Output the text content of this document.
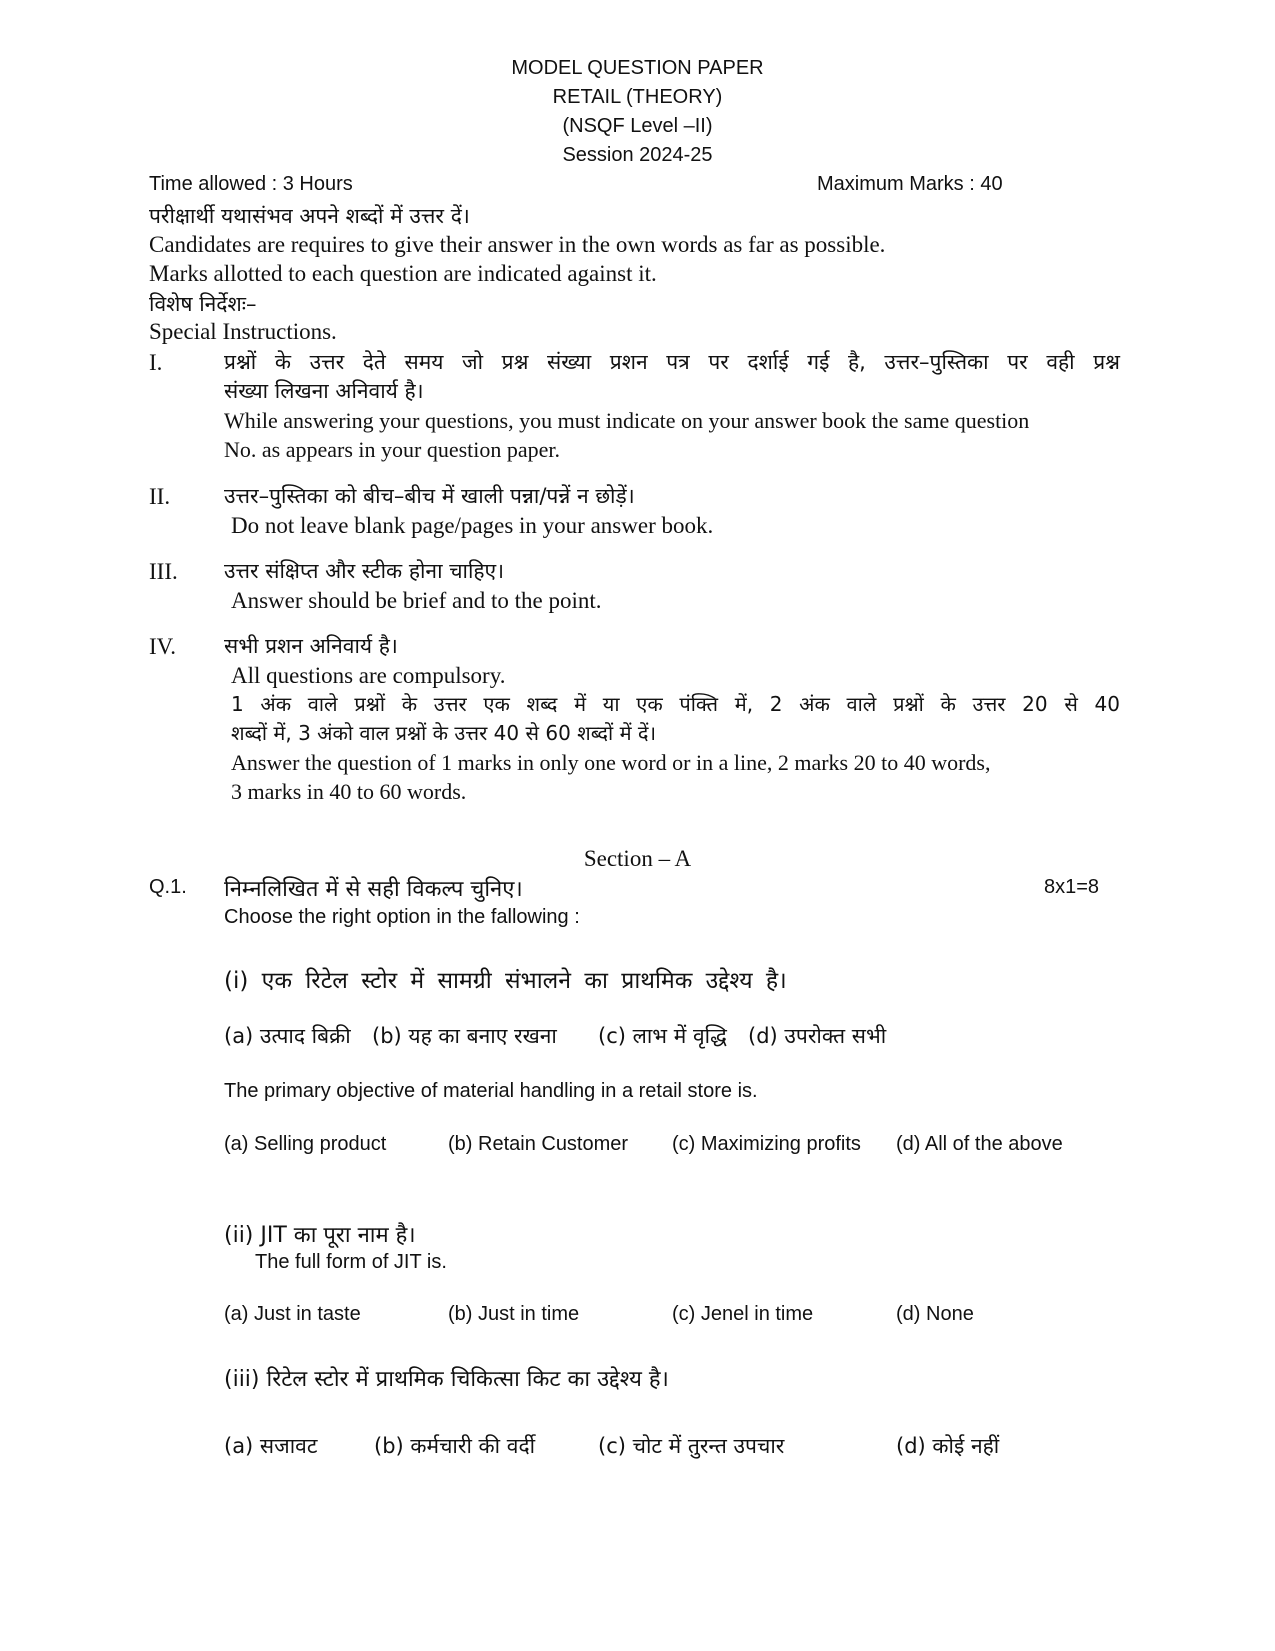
MODEL QUESTION PAPER
RETAIL (THEORY)
(NSQF Level –II)
Session 2024-25
Time allowed : 3 Hours	Maximum Marks : 40
परीक्षार्थी यथासंभव अपने शब्दों में उत्तर दें।
Candidates are requires to give their answer in the own words as far as possible.
Marks allotted to each question are indicated against it.
विशेष निर्देशः–
Special Instructions.
I.	प्रश्नों के उत्तर देते समय जो प्रश्न संख्या प्रशन पत्र पर दर्शाई गई है, उत्तर–पुस्तिका पर वही प्रश्न
संख्या लिखना अनिवार्य है।
While answering your questions, you must indicate on your answer book the same question
No. as appears in your question paper.
II.	उत्तर–पुस्तिका को बीच–बीच में खाली पन्ना/पन्नें न छोड़ें।
Do not leave blank page/pages in your answer book.
III. उत्तर संक्षिप्त और स्टीक होना चाहिए।
Answer should be brief and to the point.
IV. सभी प्रशन अनिवार्य है।
All questions are compulsory.
1 अंक वाले प्रश्नों के उत्तर एक शब्द में या एक पंक्ति में, 2 अंक वाले प्रश्नों के उत्तर 20 से 40
शब्दों में, 3 अंको वाल प्रश्नों के उत्तर 40 से 60 शब्दों में दें।
Answer the question of 1 marks in only one word or in a line, 2 marks 20 to 40 words,
3 marks in 40 to 60 words.
Section – A
Q.1. निम्नलिखित में से सही विकल्प चुनिए।	8x1=8
Choose the right option in the fallowing :
(i) एक रिटेल स्टोर में सामग्री संभालने का प्राथमिक उद्देश्य है।
(a) उत्पाद बिक्री (b) यह का बनाए रखना (c) लाभ में वृद्धि (d) उपरोक्त सभी
The primary objective of material handling in a retail store is.
(a) Selling product	(b) Retain Customer (c) Maximizing profits (d) All of the above
(ii) JIT का पूरा नाम है।
The full form of JIT is.
(a) Just in taste	(b) Just in time	(c) Jenel in time	(d) None
(iii) रिटेल स्टोर में प्राथमिक चिकित्सा किट का उद्देश्य है।
(a) सजावट	(b) कर्मचारी की वर्दी	(c) चोट में तुरन्त उपचार	(d) कोई नहीं
